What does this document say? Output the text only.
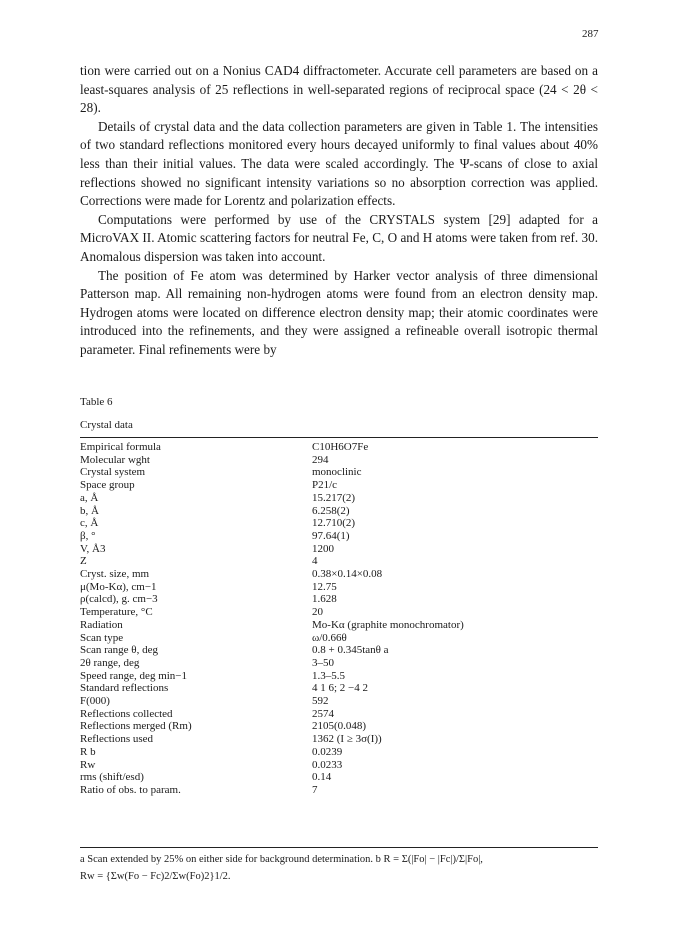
287

tion were carried out on a Nonius CAD4 diffractometer. Accurate cell parameters are based on a least-squares analysis of 25 reflections in well-separated regions of reciprocal space (24 < 2θ < 28).

Details of crystal data and the data collection parameters are given in Table 1. The intensities of two standard reflections monitored every hours decayed uniformly to final values about 40% less than their initial values. The data were scaled accordingly. The Ψ-scans of close to axial reflections showed no significant intensity variations so no absorption correction was applied. Corrections were made for Lorentz and polarization effects.

Computations were performed by use of the CRYSTALS system [29] adapted for a MicroVAX II. Atomic scattering factors for neutral Fe, C, O and H atoms were taken from ref. 30. Anomalous dispersion was taken into account.

The position of Fe atom was determined by Harker vector analysis of three dimensional Patterson map. All remaining non-hydrogen atoms were found from an electron density map. Hydrogen atoms were located on difference electron density map; their atomic coordinates were introduced into the refinements, and they were assigned a refineable overall isotropic thermal parameter. Final refinements were by

Table 6
Crystal data
Empirical formula	C10H6O7Fe
Molecular wght	294
Crystal system	monoclinic
Space group	P21/c
a, Å	15.217(2)
b, Å	6.258(2)
c, Å	12.710(2)
β, °	97.64(1)
V, Å3	1200
Z	4
Cryst. size, mm	0.38×0.14×0.08
μ(Mo-Kα), cm−1	12.75
ρ(calcd), g. cm−3	1.628
Temperature, °C	20
Radiation	Mo-Kα (graphite monochromator)
Scan type	ω/0.66θ
Scan range θ, deg	0.8 + 0.345tanθ a
2θ range, deg	3–50
Speed range, deg min−1	1.3–5.5
Standard reflections	4 1 6; 2 −4 2
F(000)	592
Reflections collected	2574
Reflections merged (Rm)	2105(0.048)
Reflections used	1362 (I ≥ 3σ(I))
R b	0.0239
Rw	0.0233
rms (shift/esd)	0.14
Ratio of obs. to param.	7
a Scan extended by 25% on either side for background determination. b R = Σ(|Fo| − |Fc|)/Σ|Fo|,
Rw = {Σw(Fo − Fc)2/Σw(Fo)2}1/2.
